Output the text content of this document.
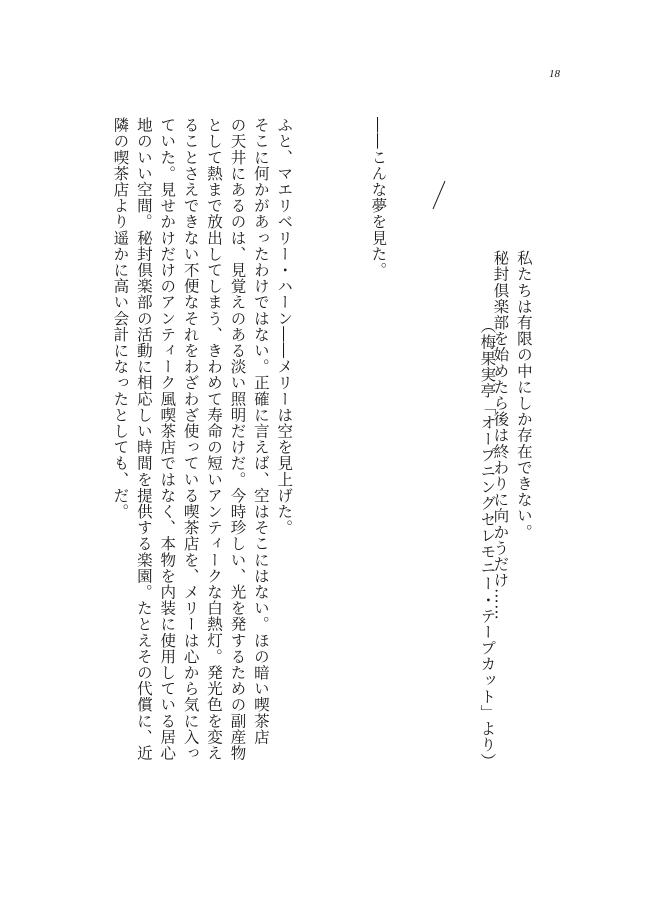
18
私たちは有限の中にしか存在できない。
秘封倶楽部を始めたら後は終わりに向かうだけ……
（梅果実亭「オープニングセレモニー・テープカット」より）
――こんな夢を見た。

ふと、マエリベリー・ハーン――メリーは空を見上げた。

そこに何かがあったわけではない。正確に言えば、空はそこにはない。ほの暗い喫茶店

の天井にあるのは、見覚えのある淡い照明だけだ。今時珍しい、光を発するための副産物

として熱まで放出してしまう、きわめて寿命の短いアンティークな白熱灯。発光色を変え

ることさえできない不便なそれをわざわざ使っている喫茶店を、メリーは心から気に入っ

ていた。見せかけだけのアンティーク風喫茶店ではなく、本物を内装に使用している居心

地のいい空間。秘封倶楽部の活動に相応しい時間を提供する楽園。たとえその代償に、近

隣の喫茶店より遥かに高い会計になったとしても、だ。
